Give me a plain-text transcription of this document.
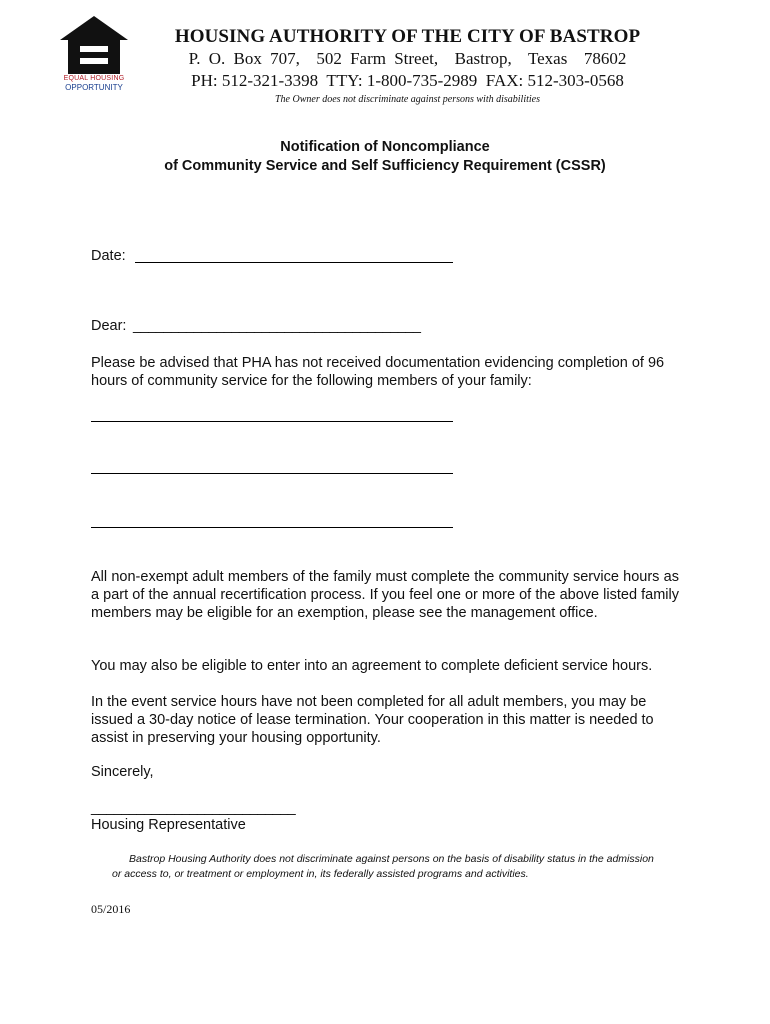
EQUAL HOUSING
OPPORTUNITY
HOUSING AUTHORITY OF THE CITY OF BASTROP
P. O. Box 707,  502 Farm Street,  Bastrop,  Texas  78602
PH: 512-321-3398  TTY: 1-800-735-2989  FAX: 512-303-0568
The Owner does not discriminate against persons with disabilities
Notification of Noncompliance
of Community Service and Self Sufficiency Requirement (CSSR)
Date:
Dear: ______________________________________
Please be advised that PHA has not received documentation evidencing completion of 96 hours of community service for the following members of your family:
All non-exempt adult members of the family must complete the community service hours as a part of the annual recertification process. If you feel one or more of the above listed family members may be eligible for an exemption, please see the management office.
You may also be eligible to enter into an agreement to complete deficient service hours.
In the event service hours have not been completed for all adult members, you may be issued a 30-day notice of lease termination. Your cooperation in this matter is needed to assist in preserving your housing opportunity.
Sincerely,
___________________________
Housing Representative
Bastrop Housing Authority does not discriminate against persons on the basis of disability status in the admission or access to, or treatment or employment in, its federally assisted programs and activities.
05/2016
